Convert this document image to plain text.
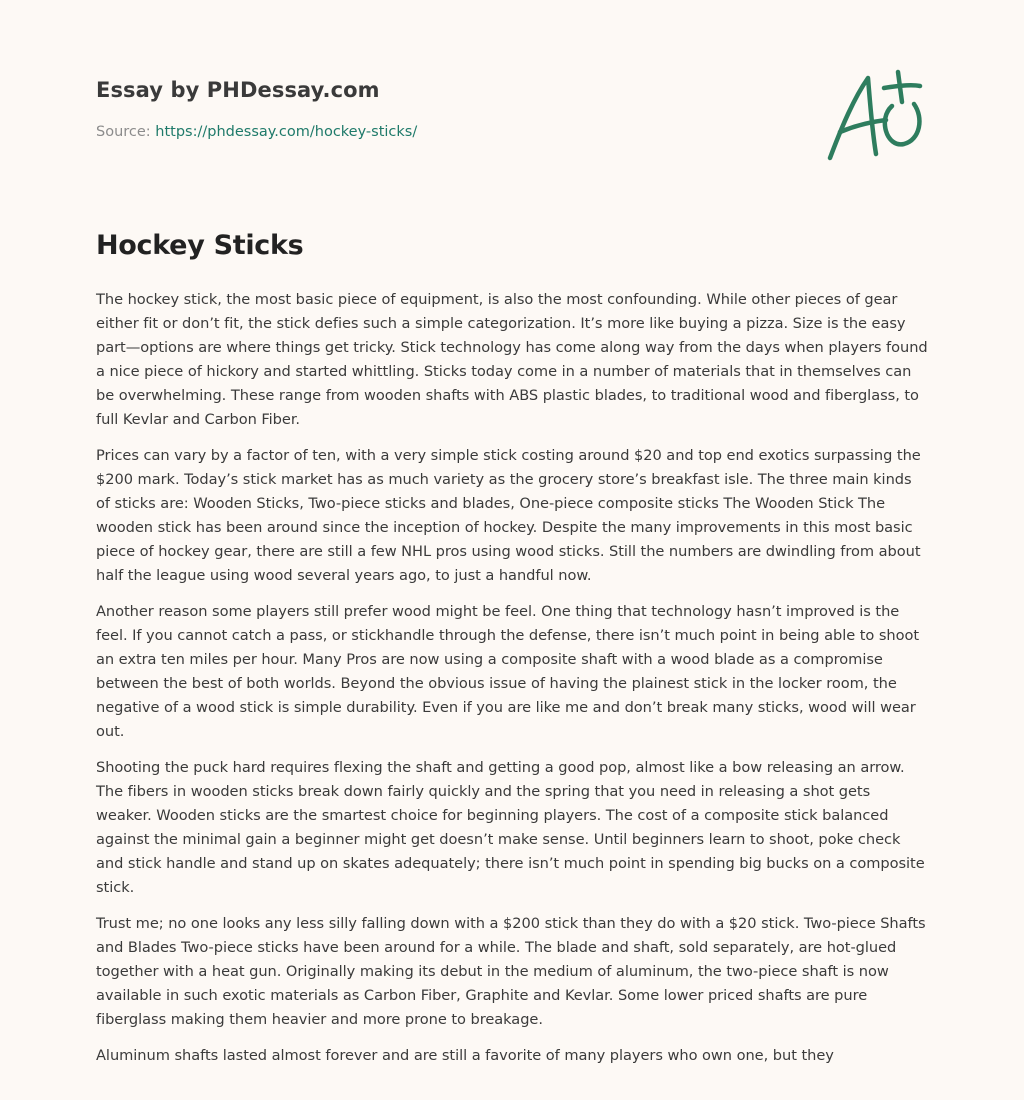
Essay by PHDessay.com
Source: https://phdessay.com/hockey-sticks/
Hockey Sticks

The hockey stick, the most basic piece of equipment, is also the most confounding. While other pieces of gear either fit or don’t fit, the stick defies such a simple categorization. It’s more like buying a pizza. Size is the easy part—options are where things get tricky. Stick technology has come along way from the days when players found a nice piece of hickory and started whittling. Sticks today come in a number of materials that in themselves can be overwhelming. These range from wooden shafts with ABS plastic blades, to traditional wood and fiberglass, to full Kevlar and Carbon Fiber.

Prices can vary by a factor of ten, with a very simple stick costing around $20 and top end exotics surpassing the $200 mark. Today’s stick market has as much variety as the grocery store’s breakfast isle. The three main kinds of sticks are: Wooden Sticks, Two-piece sticks and blades, One-piece composite sticks The Wooden Stick The wooden stick has been around since the inception of hockey. Despite the many improvements in this most basic piece of hockey gear, there are still a few NHL pros using wood sticks. Still the numbers are dwindling from about half the league using wood several years ago, to just a handful now.

Another reason some players still prefer wood might be feel. One thing that technology hasn’t improved is the feel. If you cannot catch a pass, or stickhandle through the defense, there isn’t much point in being able to shoot an extra ten miles per hour. Many Pros are now using a composite shaft with a wood blade as a compromise between the best of both worlds. Beyond the obvious issue of having the plainest stick in the locker room, the negative of a wood stick is simple durability. Even if you are like me and don’t break many sticks, wood will wear out.

Shooting the puck hard requires flexing the shaft and getting a good pop, almost like a bow releasing an arrow. The fibers in wooden sticks break down fairly quickly and the spring that you need in releasing a shot gets weaker. Wooden sticks are the smartest choice for beginning players. The cost of a composite stick balanced against the minimal gain a beginner might get doesn’t make sense. Until beginners learn to shoot, poke check and stick handle and stand up on skates adequately; there isn’t much point in spending big bucks on a composite stick.

Trust me; no one looks any less silly falling down with a $200 stick than they do with a $20 stick. Two-piece Shafts and Blades Two-piece sticks have been around for a while. The blade and shaft, sold separately, are hot-glued together with a heat gun. Originally making its debut in the medium of aluminum, the two-piece shaft is now available in such exotic materials as Carbon Fiber, Graphite and Kevlar. Some lower priced shafts are pure fiberglass making them heavier and more prone to breakage.

Aluminum shafts lasted almost forever and are still a favorite of many players who own one, but they
